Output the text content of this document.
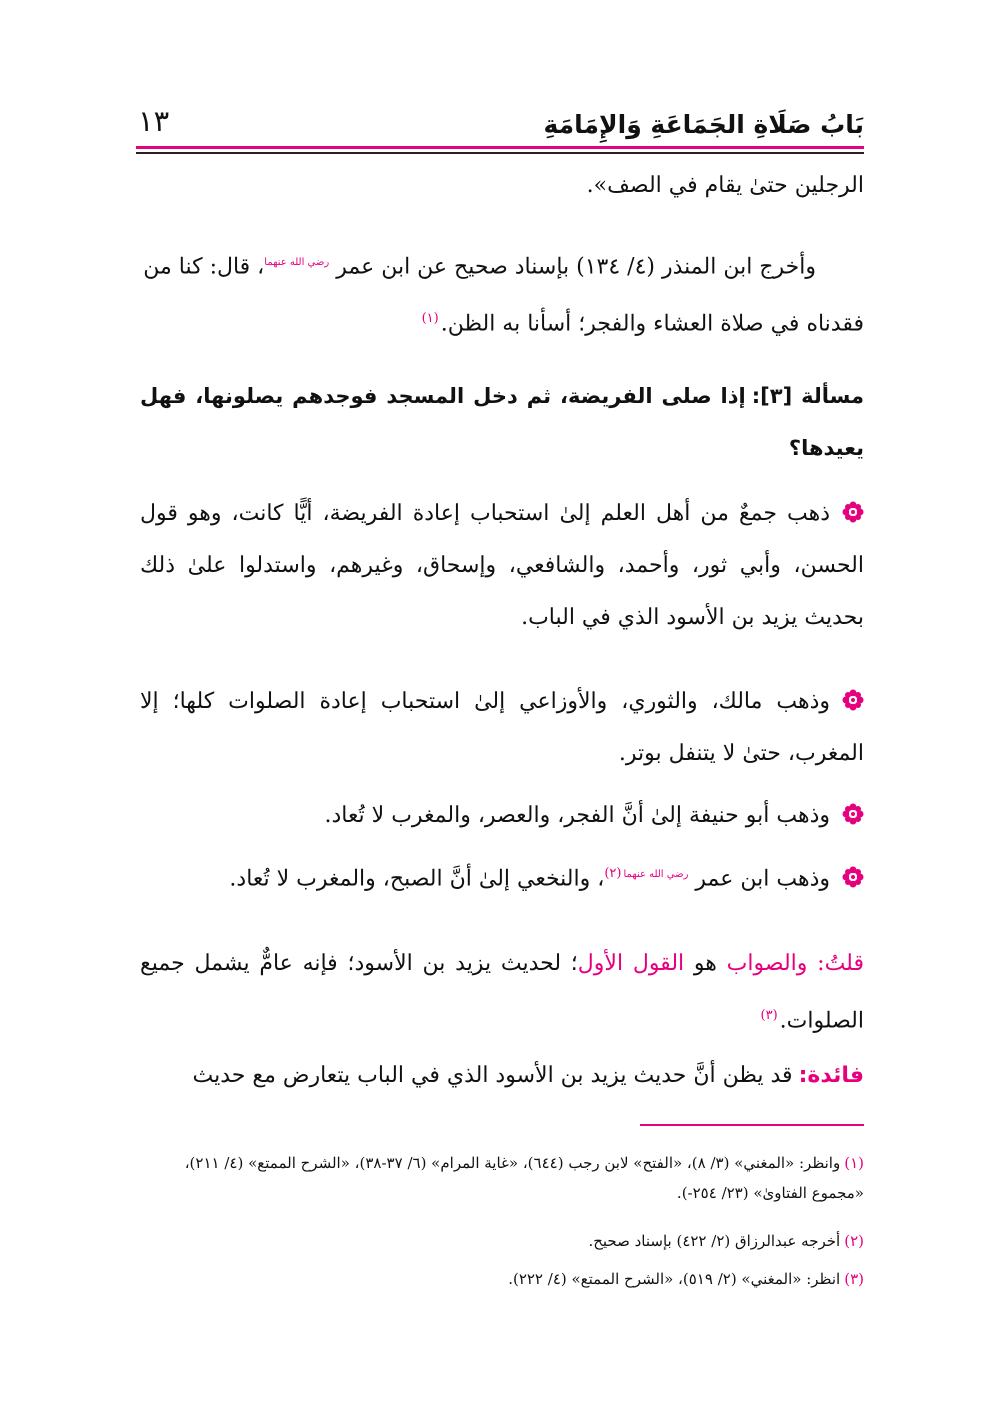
بَابُ صَلَاةِ الجَمَاعَةِ وَالإِمَامَةِ
١٣
الرجلين حتىٰ يقام في الصف».
وأخرج ابن المنذر (٤/ ١٣٤) بإسناد صحيح عن ابن عمر $^{رضي الله عنهما}$، قال: كنا من
فقدناه في صلاة العشاء والفجر؛ أسأنا به الظن.$^{(١)}$
مسألة [٣]:إذا صلى الفريضة، ثم دخل المسجد فوجدهم يصلونها، فهل يعيدها؟
ذهب جمعٌ من أهل العلم إلىٰ استحباب إعادة الفريضة، أيًّا كانت، وهو قول الحسن، وأبي ثور، وأحمد، والشافعي، وإسحاق، وغيرهم، واستدلوا علىٰ ذلك بحديث يزيد بن الأسود الذي في الباب.
وذهب مالك، والثوري، والأوزاعي إلىٰ استحباب إعادة الصلوات كلها؛ إلا المغرب، حتىٰ لا يتنفل بوتر.
وذهب أبو حنيفة إلىٰ أنَّ الفجر، والعصر، والمغرب لا تُعاد.
وذهب ابن عمر $^{رضي الله عنهما(٢)}$، والنخعي إلىٰ أنَّ الصبح، والمغرب لا تُعاد.
قلتُ: والصواب هو القول الأول؛ لحديث يزيد بن الأسود؛ فإنه عامٌّ يشمل جميع الصلوات.$^{(٣)}$
فائدة:قد يظن أنَّ حديث يزيد بن الأسود الذي في الباب يتعارض مع حديث
(١)وانظر: «المغني» (٣/ ٨)، «الفتح» لابن رجب (٦٤٤)، «غاية المرام» (٦/ ٣٧-٣٨)، «الشرح الممتع» (٤/ ٢١١)، «مجموع الفتاوىٰ» (٢٣/ ٢٥٤-).
(٢)أخرجه عبدالرزاق (٢/ ٤٢٢) بإسناد صحيح.
(٣)انظر: «المغني» (٢/ ٥١٩)، «الشرح الممتع» (٤/ ٢٢٢).
